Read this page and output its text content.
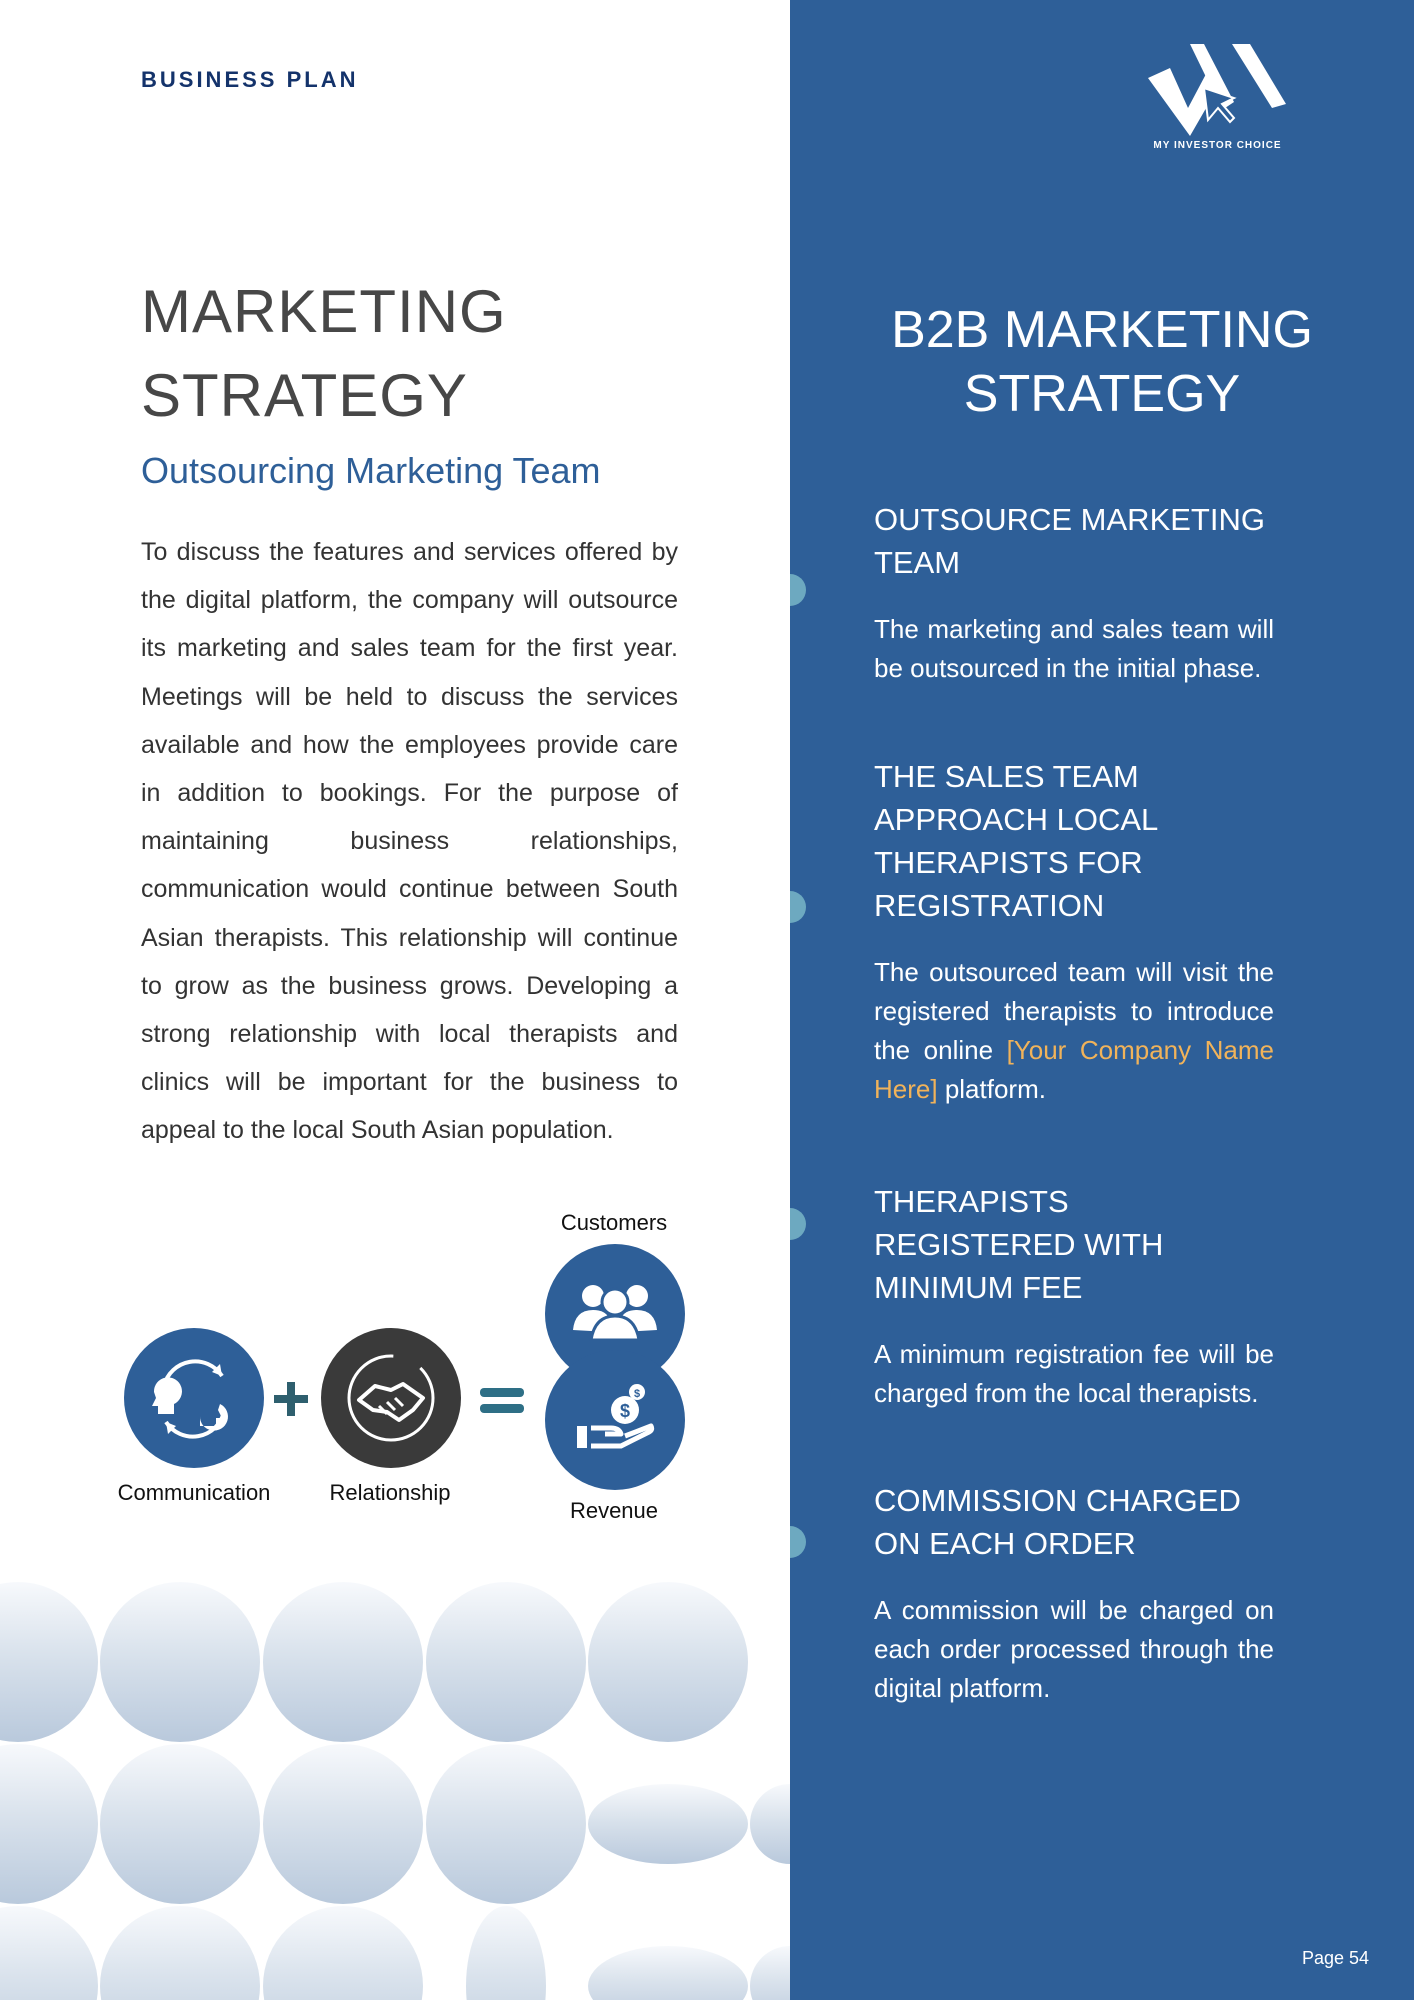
BUSINESS PLAN
MARKETING
STRATEGY
Outsourcing Marketing Team
To discuss the features and services offered by the digital platform, the company will outsource its marketing and sales team for the first year. Meetings will be held to discuss the services available and how the employees provide care in addition to bookings. For the purpose of maintaining business relationships, communication would continue between South Asian therapists. This relationship will continue to grow as the business grows. Developing a strong relationship with local therapists and clinics will be important for the business to appeal to the local South Asian population.
Customers
$
$
Communication	Relationship
Revenue
MY INVESTOR CHOICE
B2B MARKETING STRATEGY
OUTSOURCE MARKETING TEAM
The marketing and sales team will be outsourced in the initial phase.
THE SALES TEAM APPROACH LOCAL THERAPISTS FOR REGISTRATION
The outsourced team will visit the registered therapists to introduce the online [Your Company Name Here] platform.
THERAPISTS REGISTERED WITH MINIMUM FEE
A minimum registration fee will be charged from the local therapists.
COMMISSION CHARGED ON EACH ORDER
A commission will be charged on each order processed through the digital platform.
Page 54
